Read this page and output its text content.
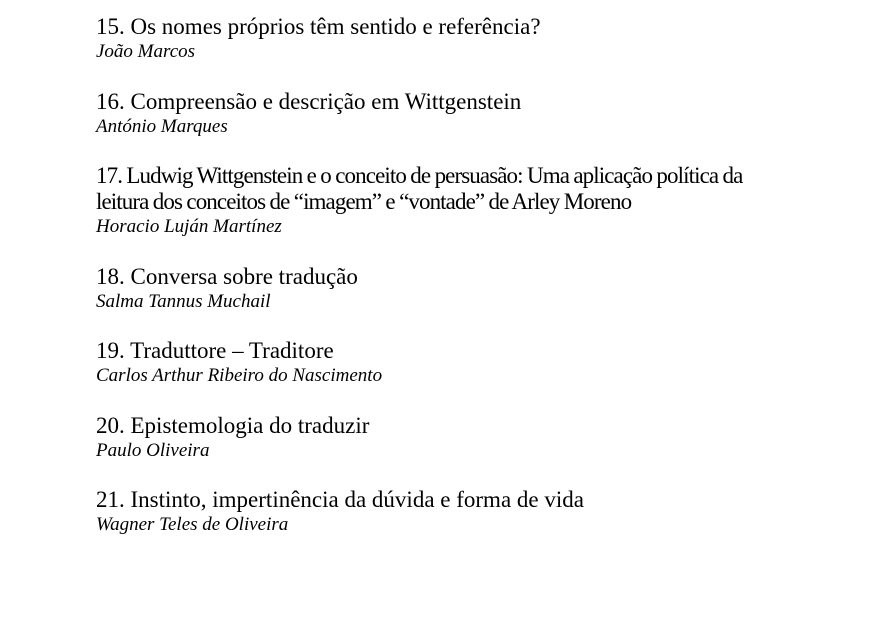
15. Os nomes próprios têm sentido e referência?
João Marcos
16. Compreensão e descrição em Wittgenstein
António Marques
17. Ludwig Wittgenstein e o conceito de persuasão: Uma aplicação política da
leitura dos conceitos de “imagem” e “vontade” de Arley Moreno
Horacio Luján Martínez
18. Conversa sobre tradução
Salma Tannus Muchail
19. Traduttore – Traditore
Carlos Arthur Ribeiro do Nascimento
20. Epistemologia do traduzir
Paulo Oliveira
21. Instinto, impertinência da dúvida e forma de vida
Wagner Teles de Oliveira
